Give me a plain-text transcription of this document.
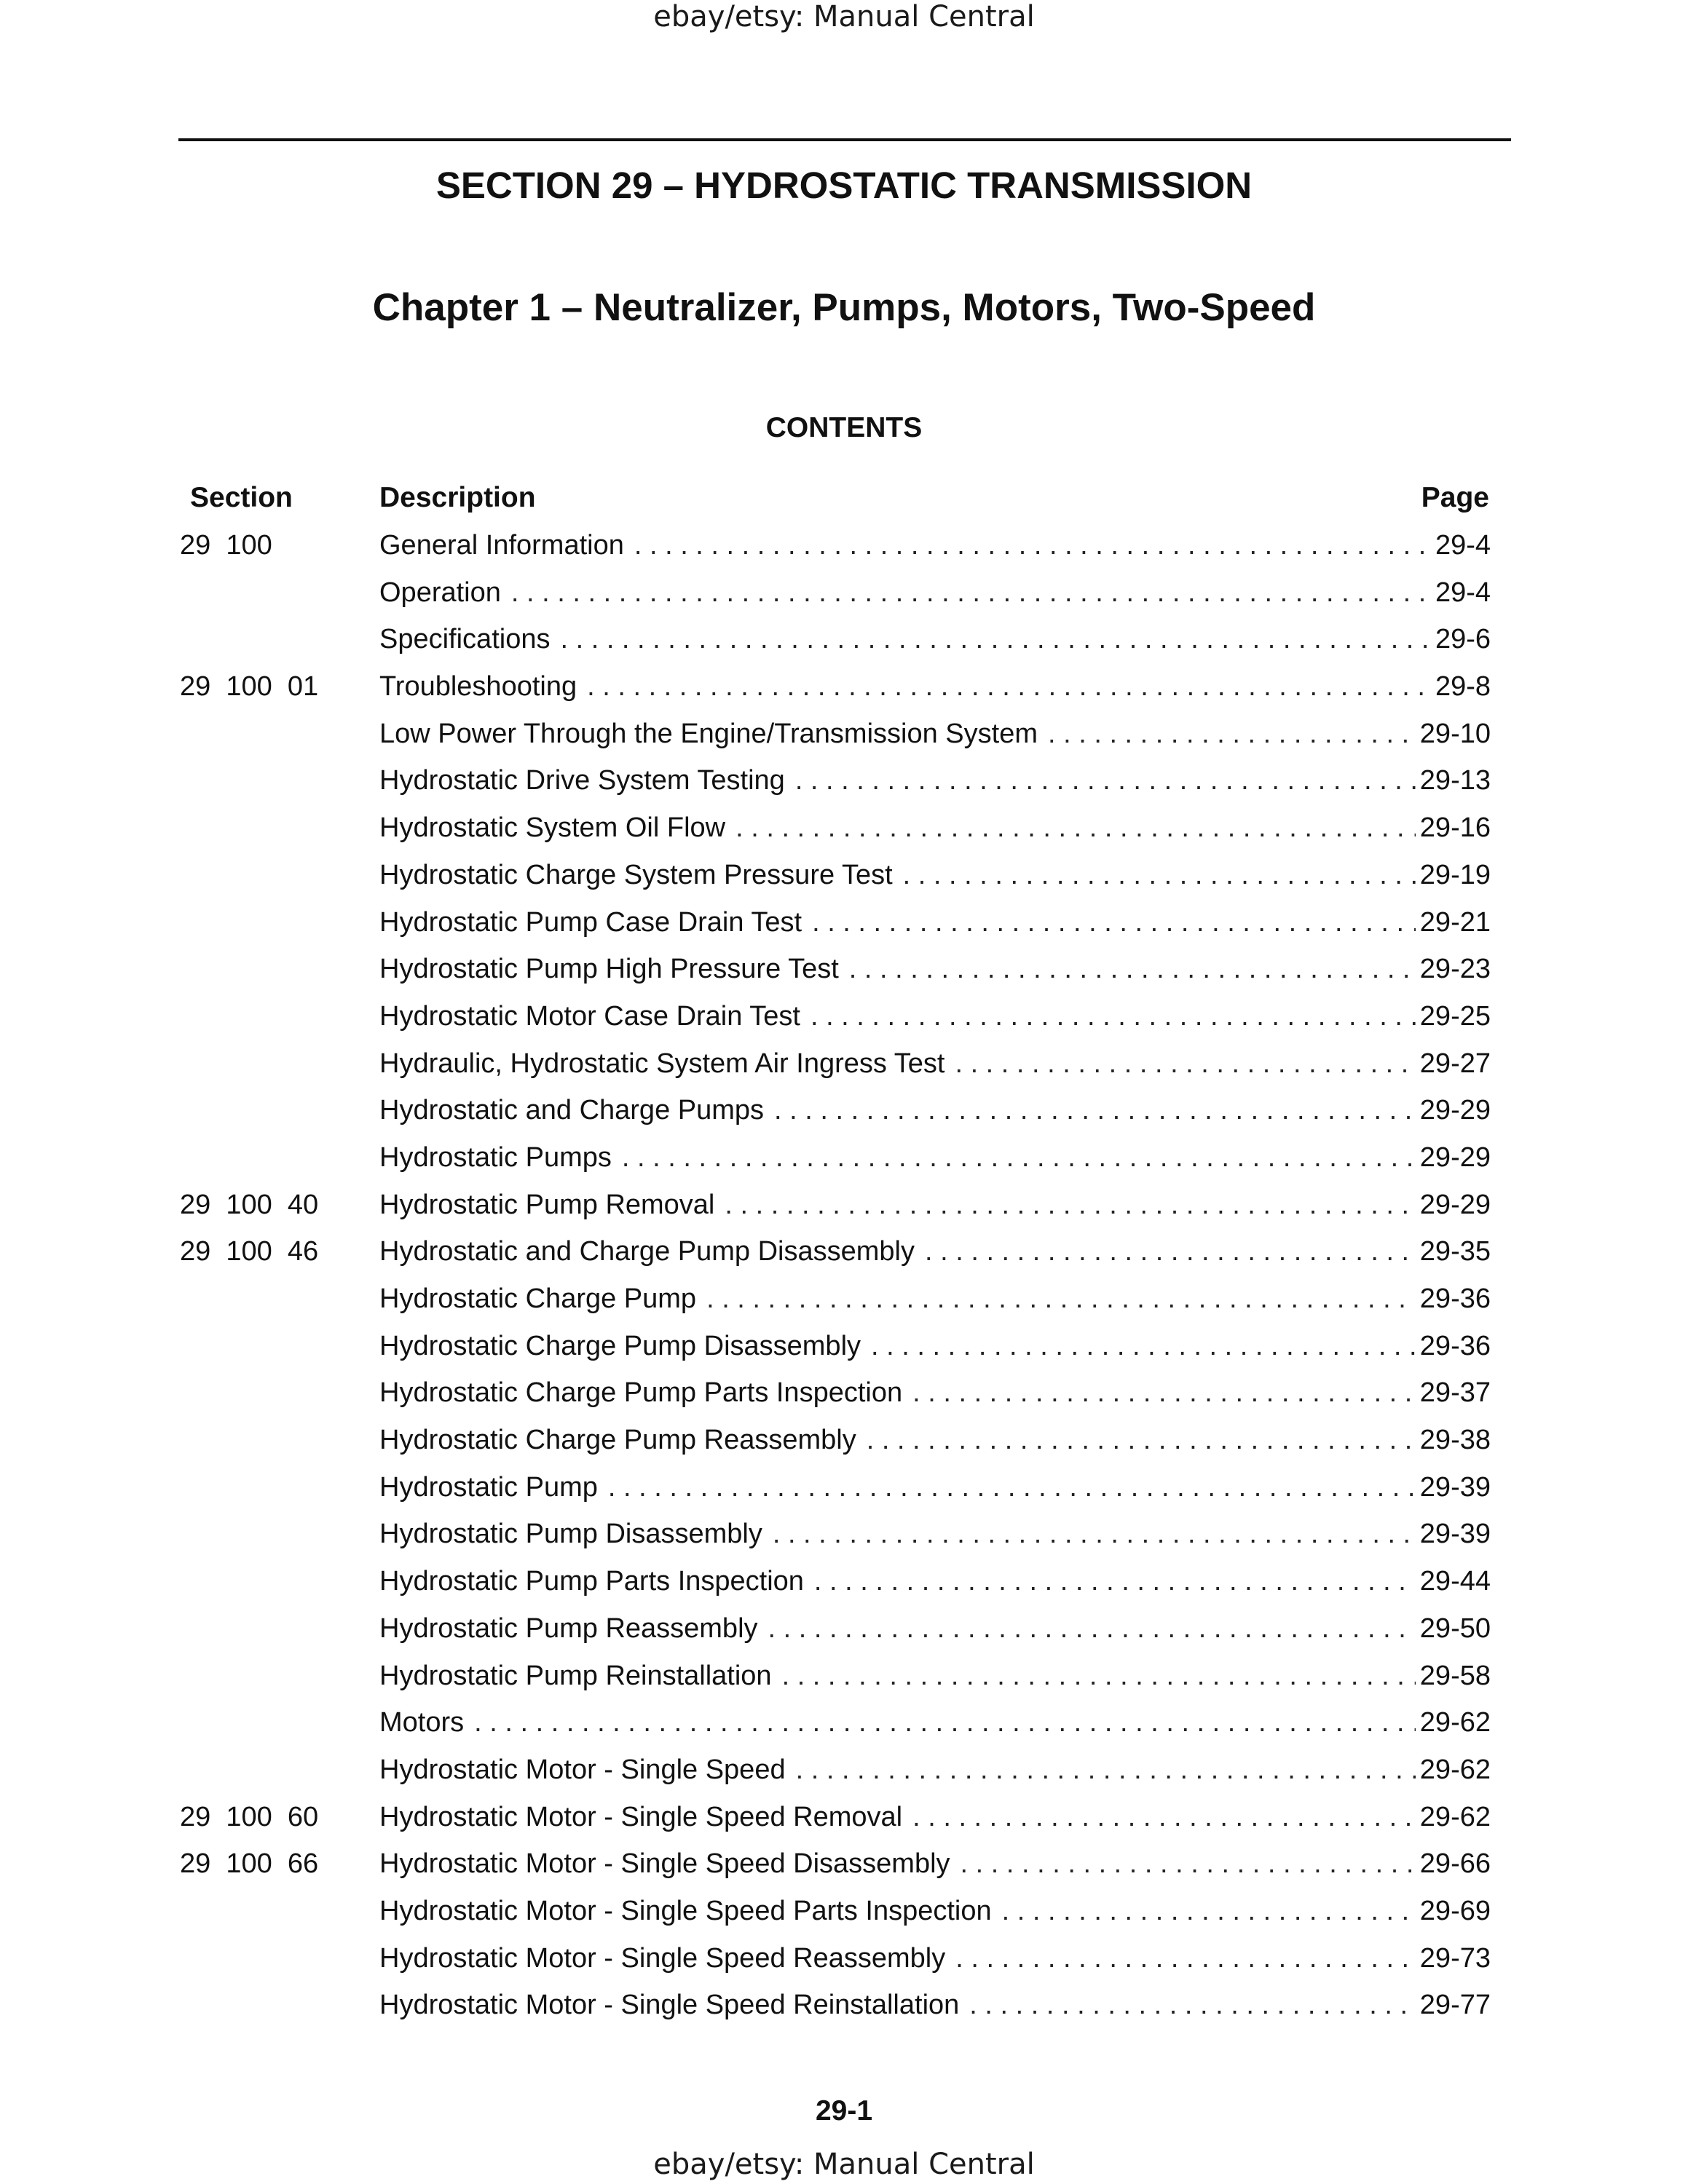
ebay/etsy: Manual Central
SECTION 29 – HYDROSTATIC TRANSMISSION
Chapter 1 – Neutralizer, Pumps, Motors, Two-Speed
CONTENTS
Section	Description	Page
29  100	General Information . . .	29-4
Operation . . .	29-4
Specifications . . .	29-6
29  100  01	Troubleshooting . . .	29-8
Low Power Through the Engine/Transmission System . . .	29-10
Hydrostatic Drive System Testing . . .	29-13
Hydrostatic System Oil Flow . . .	29-16
Hydrostatic Charge System Pressure Test . . .	29-19
Hydrostatic Pump Case Drain Test . . .	29-21
Hydrostatic Pump High Pressure Test . . .	29-23
Hydrostatic Motor Case Drain Test . . .	29-25
Hydraulic, Hydrostatic System Air Ingress Test . . .	29-27
Hydrostatic and Charge Pumps . . .	29-29
Hydrostatic Pumps . . .	29-29
29  100  40	Hydrostatic Pump Removal . . .	29-29
29  100  46	Hydrostatic and Charge Pump Disassembly . . .	29-35
Hydrostatic Charge Pump . . .	29-36
Hydrostatic Charge Pump Disassembly . . .	29-36
Hydrostatic Charge Pump Parts Inspection . . .	29-37
Hydrostatic Charge Pump Reassembly . . .	29-38
Hydrostatic Pump . . .	29-39
Hydrostatic Pump Disassembly . . .	29-39
Hydrostatic Pump Parts Inspection . . .	29-44
Hydrostatic Pump Reassembly . . .	29-50
Hydrostatic Pump Reinstallation . . .	29-58
Motors . . .	29-62
Hydrostatic Motor - Single Speed . . .	29-62
29  100  60	Hydrostatic Motor - Single Speed Removal . . .	29-62
29  100  66	Hydrostatic Motor - Single Speed Disassembly . . .	29-66
Hydrostatic Motor - Single Speed Parts Inspection . . .	29-69
Hydrostatic Motor - Single Speed Reassembly . . .	29-73
Hydrostatic Motor - Single Speed Reinstallation . . .	29-77
29-1
ebay/etsy: Manual Central
